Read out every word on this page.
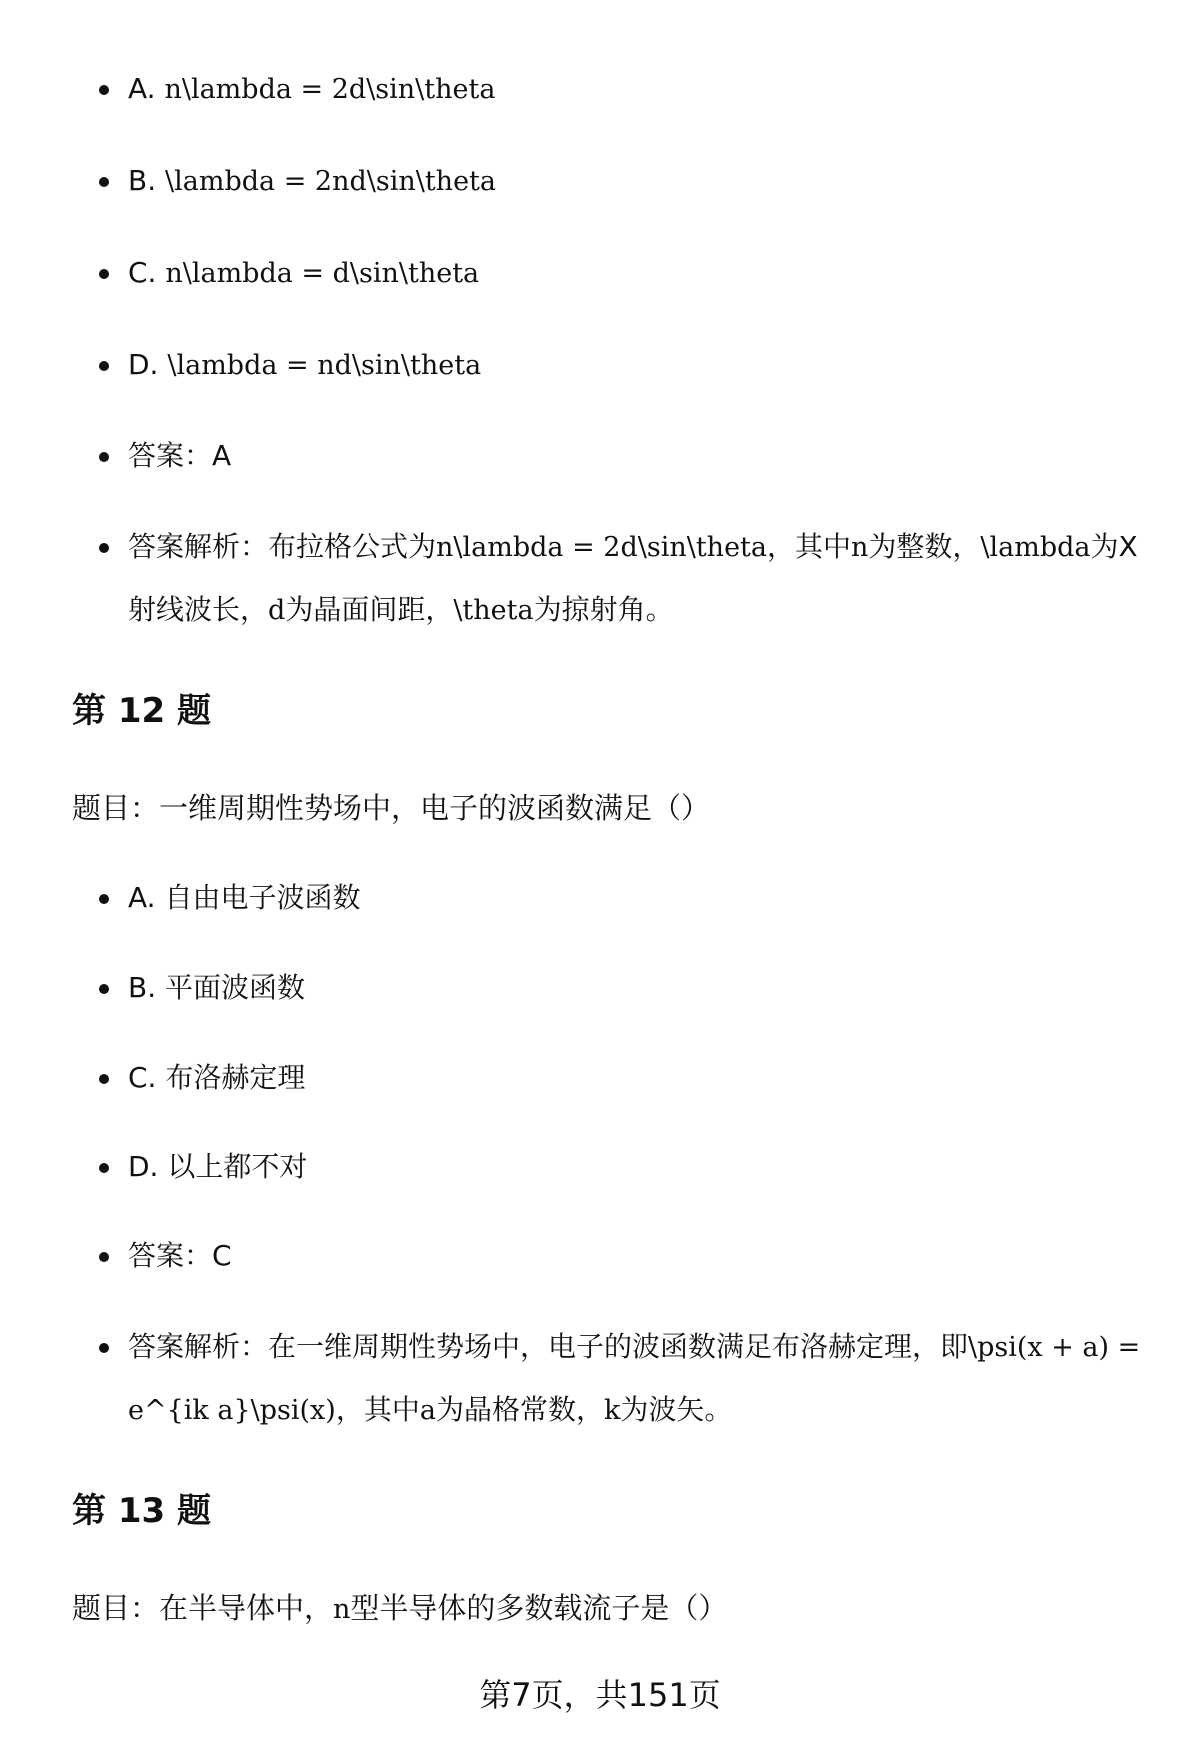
A. n\lambda = 2d\sin\theta
B. \lambda = 2nd\sin\theta
C. n\lambda = d\sin\theta
D. \lambda = nd\sin\theta
答案：A
答案解析：布拉格公式为n\lambda = 2d\sin\theta，其中n为整数，\lambda为X射线波长，d为晶面间距，\theta为掠射角。
第 12 题
题目：一维周期性势场中，电子的波函数满足（）
A. 自由电子波函数
B. 平面波函数
C. 布洛赫定理
D. 以上都不对
答案：C
答案解析：在一维周期性势场中，电子的波函数满足布洛赫定理，即\psi(x + a) = e^{ik a}\psi(x)，其中a为晶格常数，k为波矢。
第 13 题
题目：在半导体中，n型半导体的多数载流子是（）
第7页，共151页
